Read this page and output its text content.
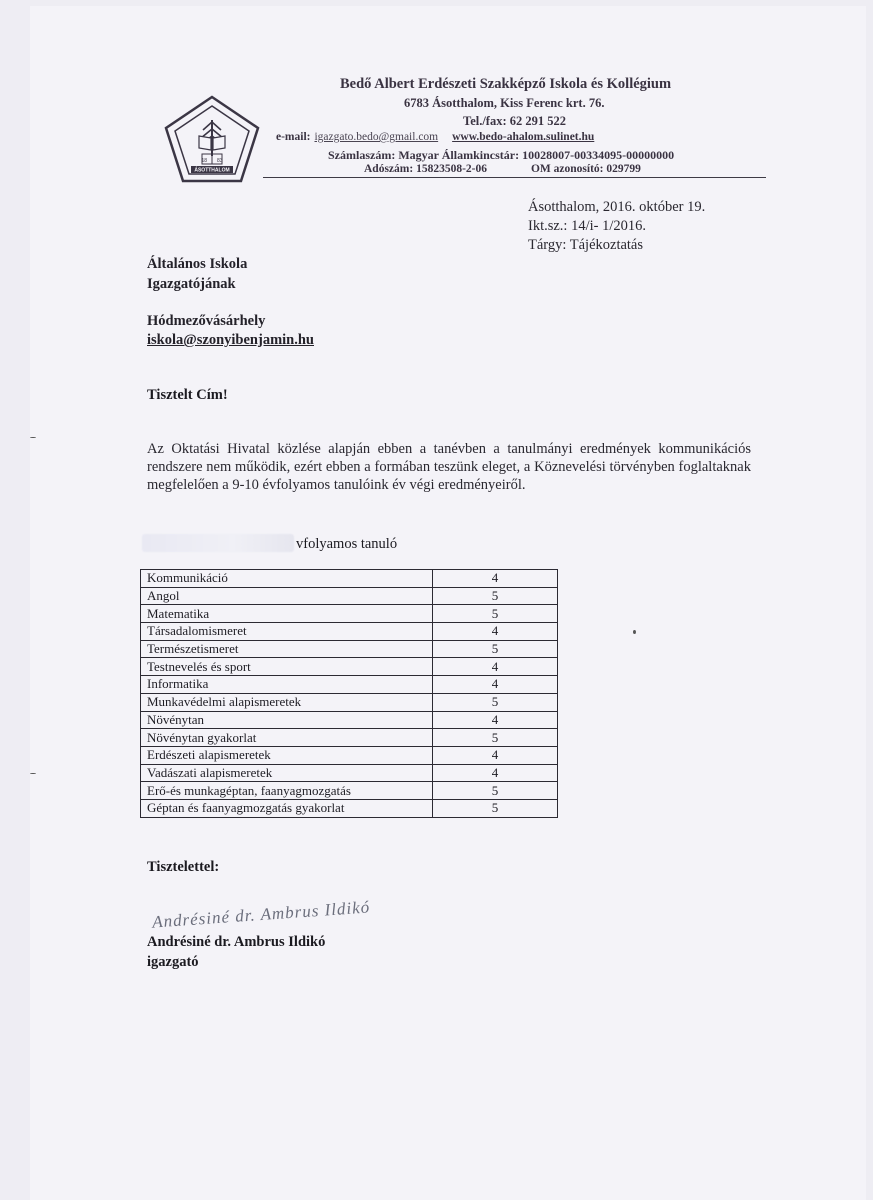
18 83
ÁSOTTHALOM
Bedő Albert Erdészeti Szakképző Iskola és Kollégium
6783 Ásotthalom, Kiss Ferenc krt. 76.
Tel./fax: 62 291 522
e-mail: igazgato.bedo@gmail.com www.bedo-ahalom.sulinet.hu
Számlaszám: Magyar Államkincstár: 10028007-00334095-00000000
Adószám: 15823508-2-06	OM azonosító: 029799
Ásotthalom, 2016. október 19.
Ikt.sz.: 14/i- 1/2016.
Tárgy: Tájékoztatás
Általános Iskola
Igazgatójának
Hódmezővásárhely
iskola@szonyibenjamin.hu
Tisztelt Cím!
Az Oktatási Hivatal közlése alapján ebben a tanévben a tanulmányi eredmények kommunikációs rendszere nem működik, ezért ebben a formában teszünk eleget, a Köznevelési törvényben foglaltaknak megfelelően a 9-10 évfolyamos tanulóink év végi eredményeiről.
vfolyamos tanuló
Kommunikáció	4
Angol	5
Matematika	5
Társadalomismeret	4
Természetismeret	5
Testnevelés és sport	4
Informatika	4
Munkavédelmi alapismeretek	5
Növénytan	4
Növénytan gyakorlat	5
Erdészeti alapismeretek	4
Vadászati alapismeretek	4
Erő-és munkagéptan, faanyagmozgatás	5
Géptan és faanyagmozgatás gyakorlat	5
Tisztelettel:
Andrésiné dr. Ambrus Ildikó
Andrésiné dr. Ambrus Ildikó
igazgató
